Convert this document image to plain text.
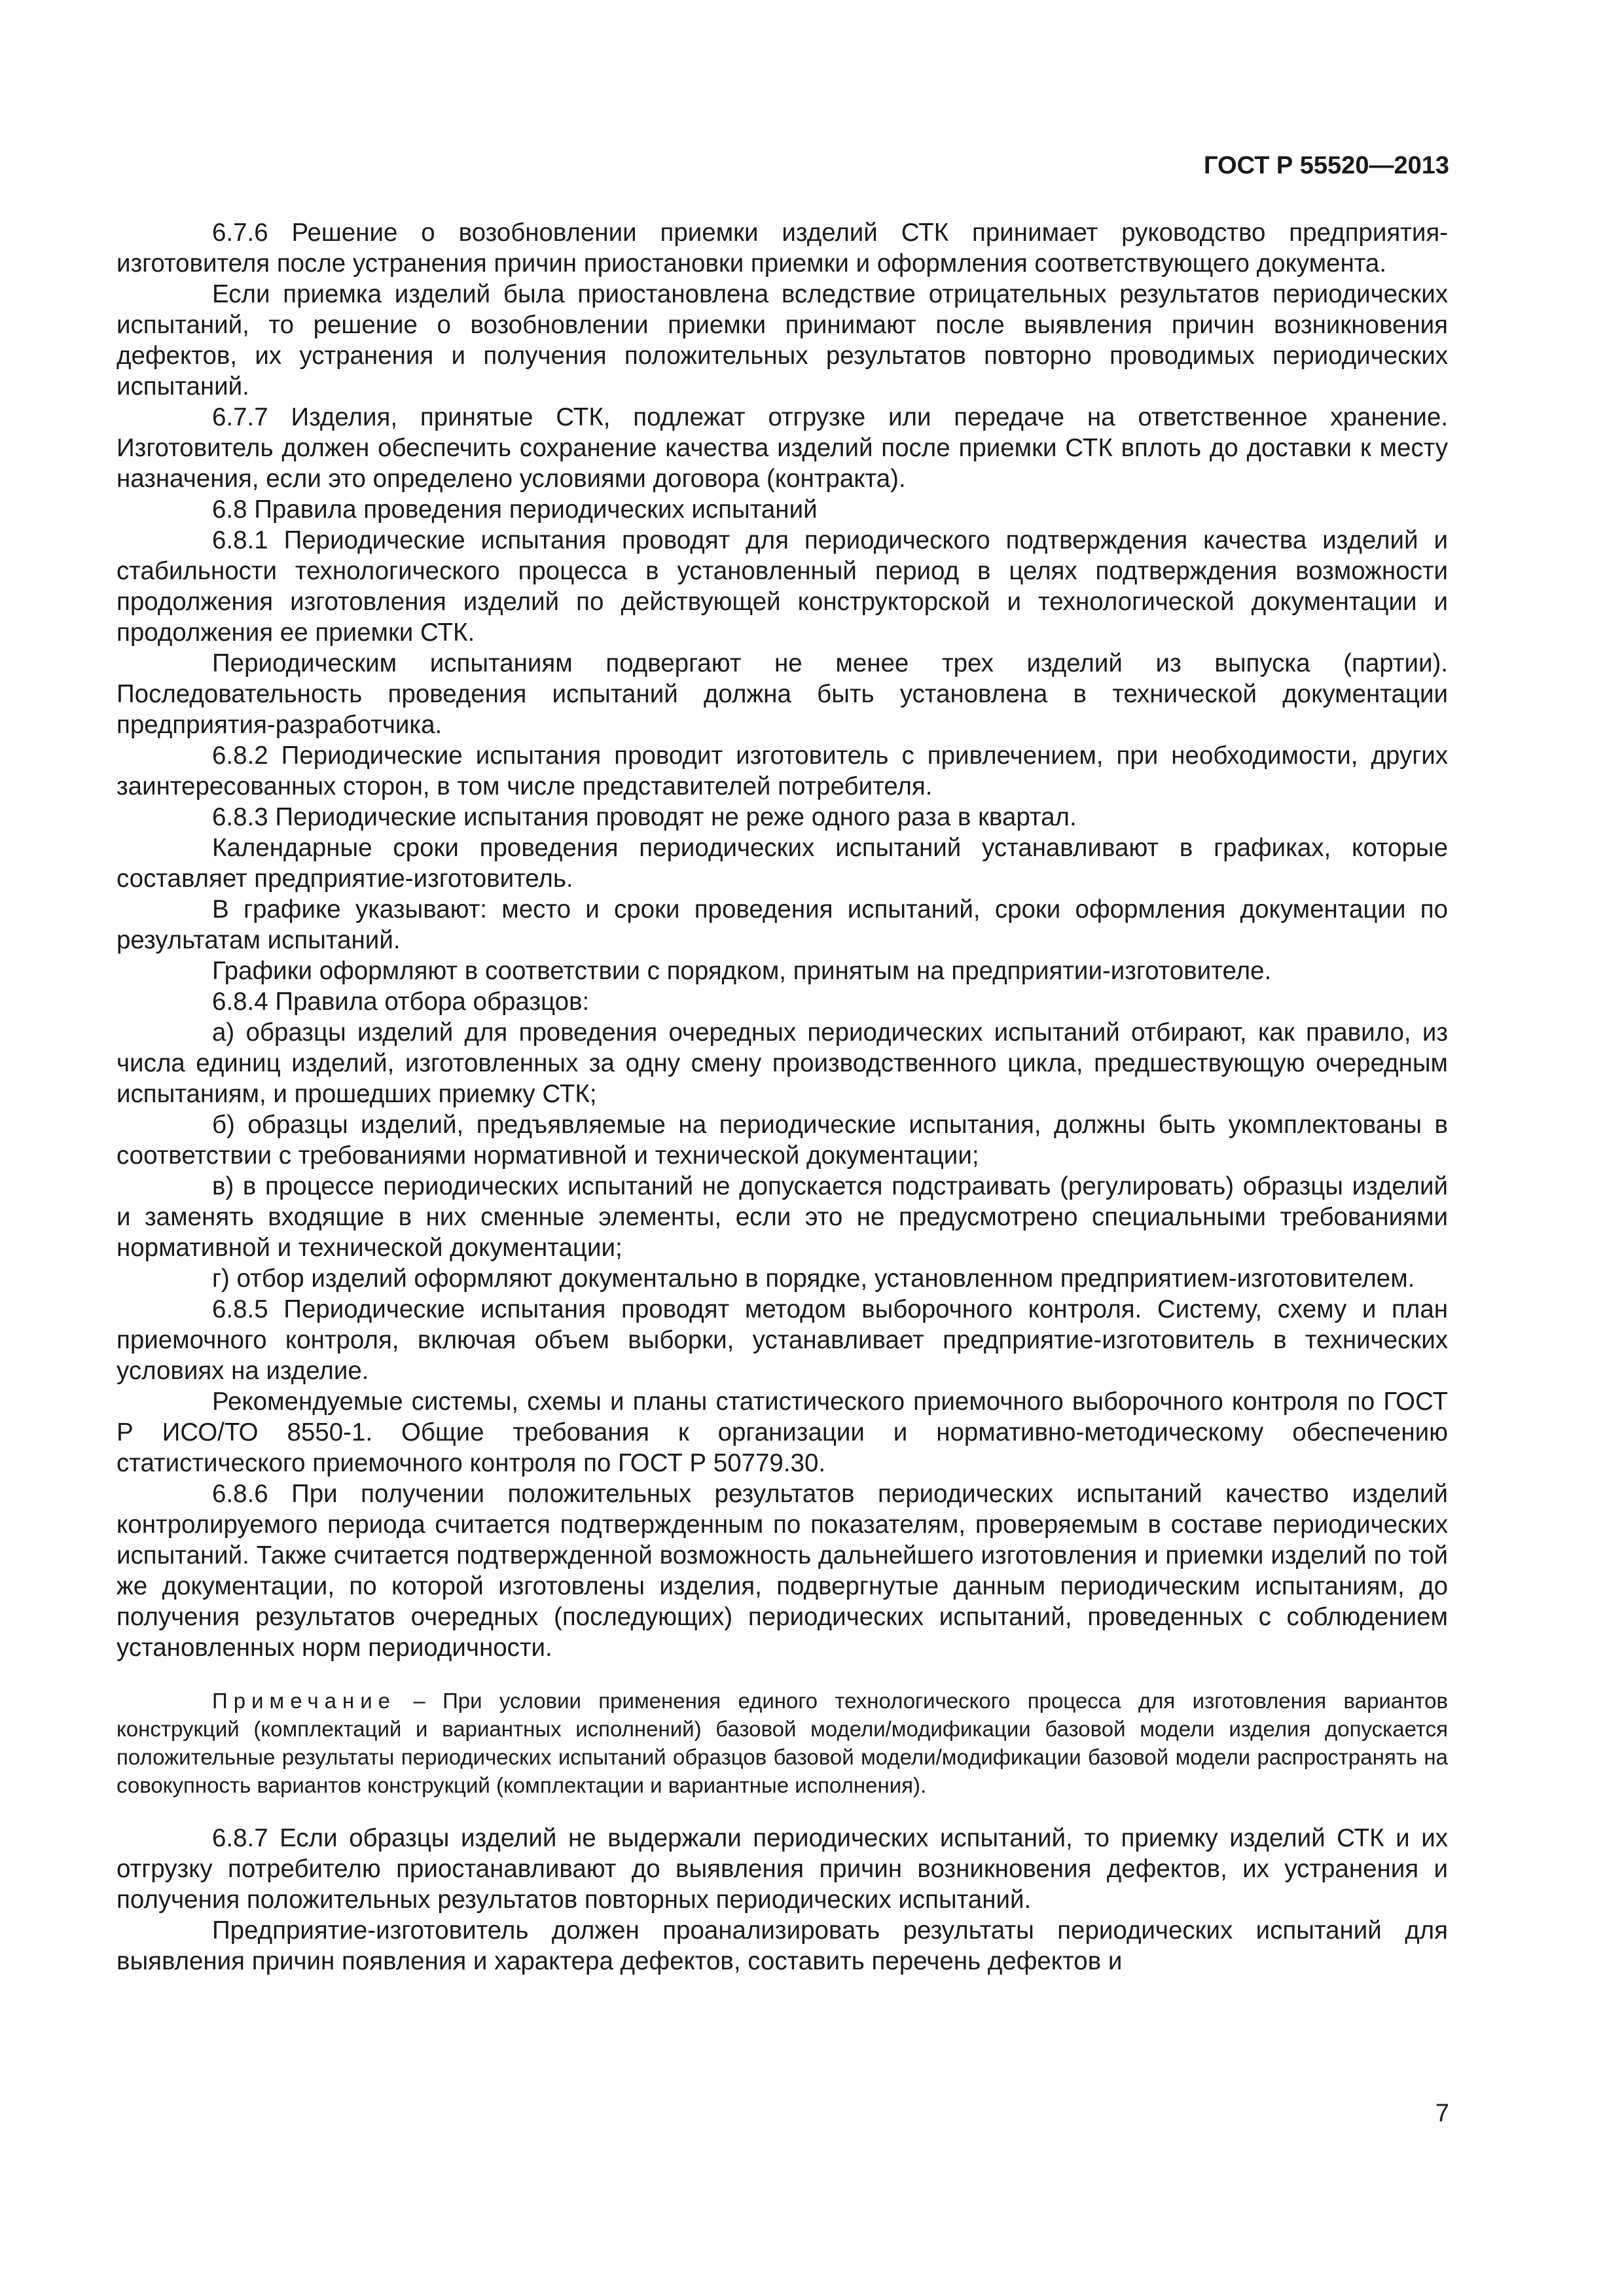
ГОСТ Р 55520—2013

6.7.6 Решение о возобновлении приемки изделий СТК принимает руководство предприятия-изготовителя после устранения причин приостановки приемки и оформления соответствующего документа.

Если приемка изделий была приостановлена вследствие отрицательных результатов периодических испытаний, то решение о возобновлении приемки принимают после выявления причин возникновения дефектов, их устранения и получения положительных результатов повторно проводимых периодических испытаний.

6.7.7 Изделия, принятые СТК, подлежат отгрузке или передаче на ответственное хранение. Изготовитель должен обеспечить сохранение качества изделий после приемки СТК вплоть до доставки к месту назначения, если это определено условиями договора (контракта).

6.8 Правила проведения периодических испытаний

6.8.1 Периодические испытания проводят для периодического подтверждения качества изделий и стабильности технологического процесса в установленный период в целях подтверждения возможности продолжения изготовления изделий по действующей конструкторской и технологической документации и продолжения ее приемки СТК.

Периодическим испытаниям подвергают не менее трех изделий из выпуска (партии). Последовательность проведения испытаний должна быть установлена в технической документации предприятия-разработчика.

6.8.2 Периодические испытания проводит изготовитель с привлечением, при необходимости, других заинтересованных сторон, в том числе представителей потребителя.

6.8.3 Периодические испытания проводят не реже одного раза в квартал.

Календарные сроки проведения периодических испытаний устанавливают в графиках, которые составляет предприятие-изготовитель.

В графике указывают: место и сроки проведения испытаний, сроки оформления документации по результатам испытаний.

Графики оформляют в соответствии с порядком, принятым на предприятии-изготовителе.

6.8.4 Правила отбора образцов:

а) образцы изделий для проведения очередных периодических испытаний отбирают, как правило, из числа единиц изделий, изготовленных за одну смену производственного цикла, предшествующую очередным испытаниям, и прошедших приемку СТК;

б) образцы изделий, предъявляемые на периодические испытания, должны быть укомплектованы в соответствии с требованиями нормативной и технической документации;

в) в процессе периодических испытаний не допускается подстраивать (регулировать) образцы изделий и заменять входящие в них сменные элементы, если это не предусмотрено специальными требованиями нормативной и технической документации;

г) отбор изделий оформляют документально в порядке, установленном предприятием-изготовителем.

6.8.5 Периодические испытания проводят методом выборочного контроля. Систему, схему и план приемочного контроля, включая объем выборки, устанавливает предприятие-изготовитель в технических условиях на изделие.

Рекомендуемые системы, схемы и планы статистического приемочного выборочного контроля по ГОСТ Р ИСО/ТО 8550-1. Общие требования к организации и нормативно-методическому обеспечению статистического приемочного контроля по ГОСТ Р 50779.30.

6.8.6 При получении положительных результатов периодических испытаний качество изделий контролируемого периода считается подтвержденным по показателям, проверяемым в составе периодических испытаний. Также считается подтвержденной возможность дальнейшего изготовления и приемки изделий по той же документации, по которой изготовлены изделия, подвергнутые данным периодическим испытаниям, до получения результатов очередных (последующих) периодических испытаний, проведенных с соблюдением установленных норм периодичности.

Примечание – При условии применения единого технологического процесса для изготовления вариантов конструкций (комплектаций и вариантных исполнений) базовой модели/модификации базовой модели изделия допускается положительные результаты периодических испытаний образцов базовой модели/модификации базовой модели распространять на совокупность вариантов конструкций (комплектации и вариантные исполнения).

6.8.7 Если образцы изделий не выдержали периодических испытаний, то приемку изделий СТК и их отгрузку потребителю приостанавливают до выявления причин возникновения дефектов, их устранения и получения положительных результатов повторных периодических испытаний.

Предприятие-изготовитель должен проанализировать результаты периодических испытаний для выявления причин появления и характера дефектов, составить перечень дефектов и

7
